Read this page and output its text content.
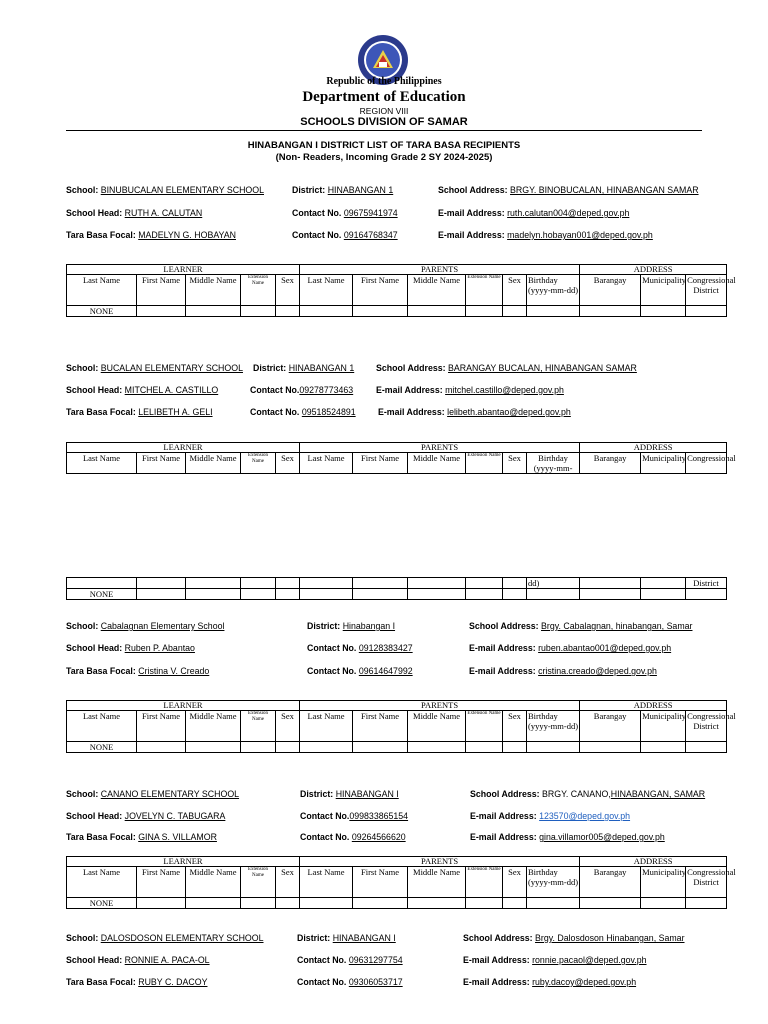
Republic of the Philippines
Department of Education
REGION VIII
SCHOOLS DIVISION OF SAMAR
HINABANGAN I DISTRICT LIST OF TARA BASA RECIPIENTS
(Non- Readers, Incoming Grade 2 SY 2024-2025)
School: BINUBUCALAN ELEMENTARY SCHOOL	District: HINABANGAN 1	School Address: BRGY. BINOBUCALAN, HINABANGAN SAMAR
School Head: RUTH A. CALUTAN	Contact No. 09675941974	E-mail Address: ruth.calutan004@deped.gov.ph
Tara Basa Focal: MADELYN G. HOBAYAN	Contact No. 09164768347	E-mail Address: madelyn.hobayan001@deped.gov.ph
LEARNER					PARENTS						ADDRESS		
Last Name	First Name	Middle Name	Extension Name	Sex	Last Name	First Name	Middle Name	Extension Name	Sex	Birthday (yyyy-mm-dd)	Barangay	Municipality	Congressional District
NONE													
School: BUCALAN ELEMENTARY SCHOOL District: HINABANGAN 1 School Address: BARANGAY BUCALAN, HINABANGAN SAMAR
School Head: MITCHEL A. CASTILLO	Contact No.09278773463	E-mail Address: mitchel.castillo@deped.gov.ph
Tara Basa Focal: LELIBETH A. GELI	Contact No. 09518524891	E-mail Address: lelibeth.abantao@deped.gov.ph
LEARNER					PARENTS						ADDRESS		
Last Name	First Name	Middle Name	Extension Name	Sex	Last Name	First Name	Middle Name	Extension Name	Sex	Birthday (yyyy-mm-	Barangay	Municipality	Congressional
										dd)			District
NONE													
School: Cabalagnan Elementary School	District: Hinabangan I	School Address: Brgy. Cabalagnan, hinabangan, Samar
School Head: Ruben P. Abantao	Contact No. 09128383427	E-mail Address: ruben.abantao001@deped.gov.ph
Tara Basa Focal: Cristina V. Creado	Contact No. 09614647992	E-mail Address: cristina.creado@deped.gov.ph
LEARNER					PARENTS						ADDRESS		
Last Name	First Name	Middle Name	Extension Name	Sex	Last Name	First Name	Middle Name	Extension Name	Sex	Birthday (yyyy-mm-dd)	Barangay	Municipality	Congressional District
NONE													
School: CANANO ELEMENTARY SCHOOL	District: HINABANGAN I	School Address: BRGY. CANANO,HINABANGAN, SAMAR
School Head: JOVELYN C. TABUGARA	Contact No.099833865154	E-mail Address: 123570@deped.gov.ph
Tara Basa Focal: GINA S. VILLAMOR	Contact No. 09264566620	E-mail Address: gina.villamor005@deped.gov.ph
LEARNER					PARENTS						ADDRESS		
Last Name	First Name	Middle Name	Extension Name	Sex	Last Name	First Name	Middle Name	Extension Name	Sex	Birthday (yyyy-mm-dd)	Barangay	Municipality	Congressional District
NONE													
School: DALOSDOSON ELEMENTARY SCHOOL	District: HINABANGAN I	School Address: Brgy. Dalosdoson Hinabangan, Samar
School Head: RONNIE A. PACA-OL	Contact No. 09631297754	E-mail Address: ronnie.pacaol@deped.gov.ph
Tara Basa Focal: RUBY C. DACOY	Contact No. 09306053717	E-mail Address: ruby.dacoy@deped.gov.ph
